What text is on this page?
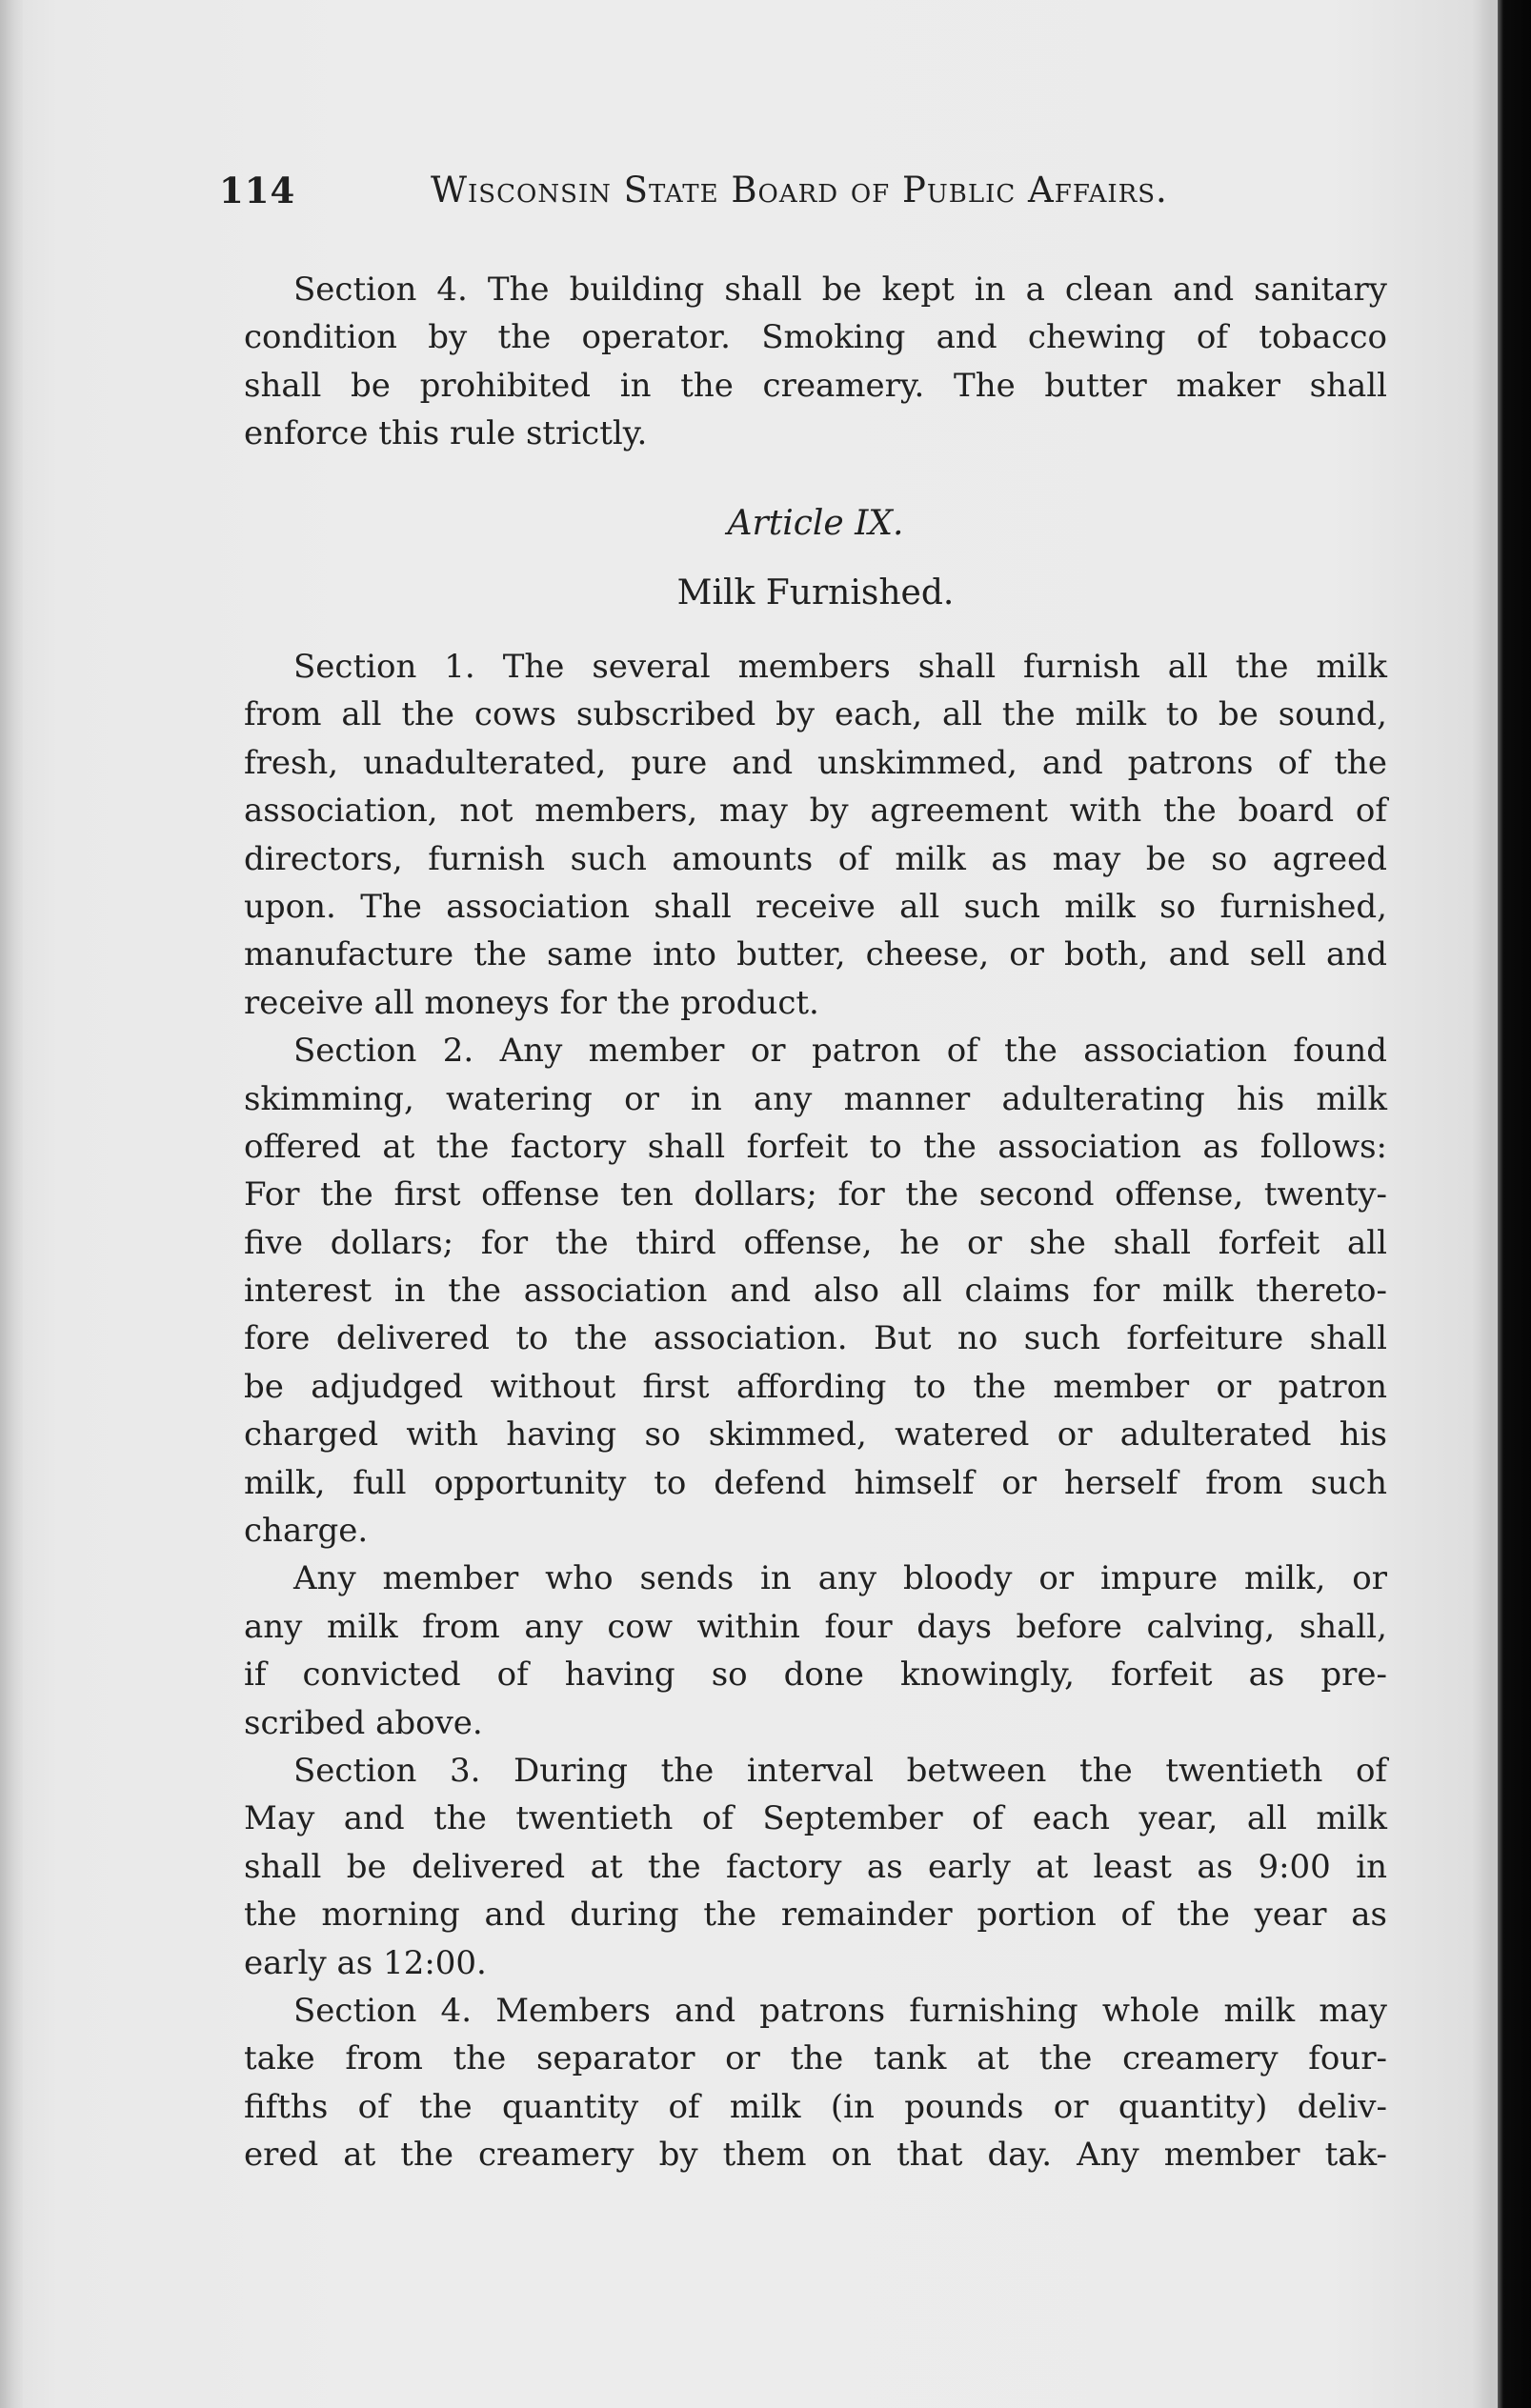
114	Wisconsin State Board of Public Affairs.
Section 4. The building shall be kept in a clean and sanitary
condition by the operator. Smoking and chewing of tobacco
shall be prohibited in the creamery. The butter maker shall
enforce this rule strictly.
Article IX.
Milk Furnished.
Section 1. The several members shall furnish all the milk
from all the cows subscribed by each, all the milk to be sound,
fresh, unadulterated, pure and unskimmed, and patrons of the
association, not members, may by agreement with the board of
directors, furnish such amounts of milk as may be so agreed
upon. The association shall receive all such milk so furnished,
manufacture the same into butter, cheese, or both, and sell and
receive all moneys for the product.
Section 2. Any member or patron of the association found
skimming, watering or in any manner adulterating his milk
offered at the factory shall forfeit to the association as follows:
For the first offense ten dollars; for the second offense, twenty-
five dollars; for the third offense, he or she shall forfeit all
interest in the association and also all claims for milk thereto-
fore delivered to the association. But no such forfeiture shall
be adjudged without first affording to the member or patron
charged with having so skimmed, watered or adulterated his
milk, full opportunity to defend himself or herself from such
charge.
Any member who sends in any bloody or impure milk, or
any milk from any cow within four days before calving, shall,
if convicted of having so done knowingly, forfeit as pre-
scribed above.
Section 3. During the interval between the twentieth of
May and the twentieth of September of each year, all milk
shall be delivered at the factory as early at least as 9:00 in
the morning and during the remainder portion of the year as
early as 12:00.
Section 4. Members and patrons furnishing whole milk may
take from the separator or the tank at the creamery four-
fifths of the quantity of milk (in pounds or quantity) deliv-
ered at the creamery by them on that day. Any member tak-
